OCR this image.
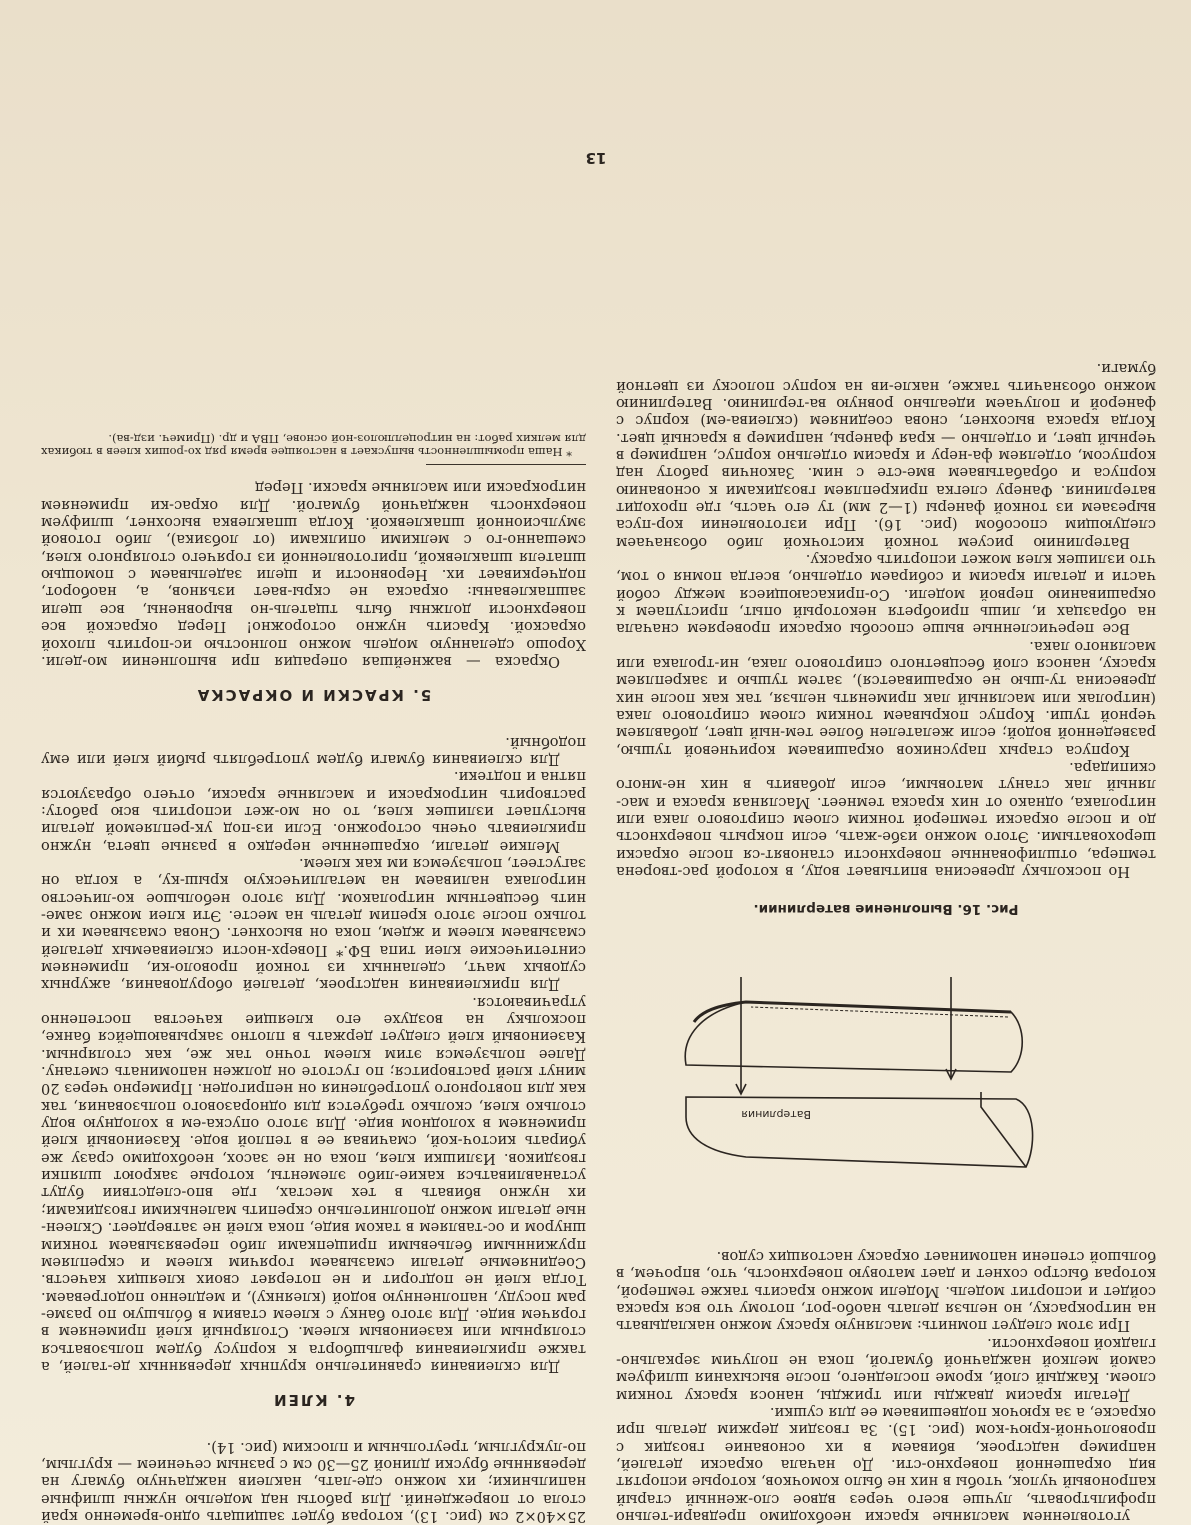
уготовленнем масляные краски необходимо предвари-тельно профильтровать, лучше всего через вдвое сло-женный старый капроновый чулок, чтобы в них не было комочков, которые испортят вид окрашенной поверхно-сти. До начала окраски деталей, например надстроек, вбиваем в их основание гвоздик с проволочной-крюч-ком (рис. 15). За гвоздик держим деталь при окраске, а за крючок подвешиваем ее для сушки.

Детали красим дважды или трижды, нанося краску тонким слоем. Каждый слой, кроме последнего, после высыхания шлифуем самой мелкой наждачной бумагой, пока не получим зеркально-гладкой поверхности.

При этом следует помнить: масляную краску можно накладывать на нитрокраску, но нельзя делать наобо-рот, потому что вся краска сойдет и испортит модель. Модели можно красить также темперой, которая быстро сохнет и дает матовую поверхность, что, впрочем, в большой степени напоминает окраску настоящих судов.

Ватерлиния
Рис. 16. Выполнение ватерлинии.

Но поскольку древесина впитывает воду, в которой рас-творена темпера, отшлифованные поверхности становят-ся после окраски шероховатыми. Этого можно избе-жать, если покрыть поверхность до и после окраски темперой тонким слоем спиртового лака или нитролака, однако от них краска темнеет. Масляная краска и мас-ляный лак станут матовыми, если добавить в них не-много скипидара.

Корпуса старых парусников окрашиваем коричневой тушью, разведенной водой; если желателен более тем-ный цвет, добавляем черной туши. Корпус покрываем тонким слоем спиртового лака (нитролак или масляный лак применять нельзя, так как после них древесина ту-шью не окрашивается), затем тушью и закрепляем краску, нанося слой бесцветного спиртового лака, ни-тролака или масляного лака.

Все перечисленные выше способы окраски проверяем сначала на образцах и, лишь приобретя некоторый опыт, приступаем к окрашиванию первой модели. Со-прикасающиеся между собой части и детали красим и собираем отдельно, всегда помня о том, что излишек клея может испортить окраску.

Ватерлинию рисуем тонкой кисточкой либо обозначаем следующим способом (рис. 16). При изготовлении кор-пуса вырезаем из тонкой фанеры (1—2 мм) ту его часть, где проходит ватерлиния. Фанеру слегка прикрепляем гвоздиками к основанию корпуса и обрабатываем вме-сте с ним. Закончив работу над корпусом, отделяем фа-неру и красим отдельно корпус, например в черный цвет, и отдельно — края фанеры, например в красный цвет. Когда краска высохнет, снова соединяем (склеива-ем) корпус с фанерой и получаем идеально ровную ва-терлинию. Ватерлинию можно обозначить также, накле-ив на корпус полоску из цветной бумаги.

25×40×2 см (рис. 13), которая будет защищать одно-временно край стола от повреждений. Для работы над моделью нужны шлифные напильники; их можно сде-лать, наклеив наждачную бумагу на деревянные бруски длиной 25—30 см с разным сечением — круглым, по-лукруглым, треугольным и плоским (рис. 14).

4. КЛЕИ

Для склеивания сравнительно крупных деревянных де-талей, а также приклеивания фальшборта к корпусу будем пользоваться столярным или казеиновым клеем. Столярный клей применяем в горячем виде. Для этого банку с клеем ставим в бо́льшую по разме-рам посуду, наполненную водой (клеянку), и медленно подогреваем. Тогда клей не подгорит и не потеряет своих клеящих качеств. Соединяемые детали смазываем горячим клеем и скрепляем пружинными бельевыми прищепками либо перевязываем тонким шнуром и ос-тавляем в таком виде, пока клей не затвердеет. Склеен-ные детали можно дополнительно скрепить маленькими гвоздиками; их нужно вбивать в тех местах, где впо-следствии будут устанавливаться какие-либо элементы, которые закроют шляпки гвоздиков. Излишки клея, пока он не засох, необходимо сразу же убирать кисточ-кой, смачивая ее в теплой воде. Казеиновый клей применяем в холодном виде. Для этого опуска-ем в холодную воду столько клея, сколько требуется для одноразового пользования, так как для повторного употребления он непригоден. Примерно через 20 минут клей растворится; по густоте он должен напоминать сметану. Далее пользуемся этим клеем точно так же, как столярным. Казеиновый клей следует держать в плотно закрывающейся банке, поскольку на воздухе его клеящие качества постепенно утрачиваются.

Для приклеивания надстроек, деталей оборудования, ажурных судовых мачт, сделанных из тонкой проволо-ки, применяем синтетические клеи типа БФ.* Поверх-ности склеиваемых деталей смазываем клеем и ждем, пока он высохнет. Снова смазываем их и только после этого крепим деталь на месте. Эти клеи можно заме-нить бесцветным нитролаком. Для этого небольшое ко-личество нитролака наливаем на металлическую крыш-ку, а когда он загустеет, пользуемся им как клеем.

Мелкие детали, окрашенные нередко в разные цвета, нужно приклеивать очень осторожно. Если из-под ук-репляемой детали выступает излишек клея, то он мо-жет испортить всю работу: растворить нитрокраски и масляные краски, отчего образуются пятна и подтеки.

Для склеивания бумаги будем употреблять рыбий клей или ему подобный.

5. КРАСКИ И ОКРАСКА

Окраска — важнейшая операция при выполнении мо-дели. Хорошо сделанную модель можно полностью ис-портить плохой окраской. Красить нужно осторожно! Перед окраской все поверхности должны быть тщатель-но выровнены, все щели зашпаклеваны: окраска не скры-вает изъянов, а, наоборот, подчеркивает их. Неровности и щели заделываем с помощью шпателя шпаклевкой, приготовленной из горячего столярного клея, смешанно-го с мелкими опилками (от лобзика), либо готовой эмульсионной шпаклевкой. Когда шпаклевка высохнет, шлифуем поверхность наждачной бумагой. Для окрас-ки применяем нитрокраски или масляные краски. Перед

* Наша промышленность выпускает в настоящее время ряд хо-роших клеев в тюбиках для мелких работ: на нитроцеллюлоз-ной основе, ПВА и др. (Примеч. изд-ва).

13
